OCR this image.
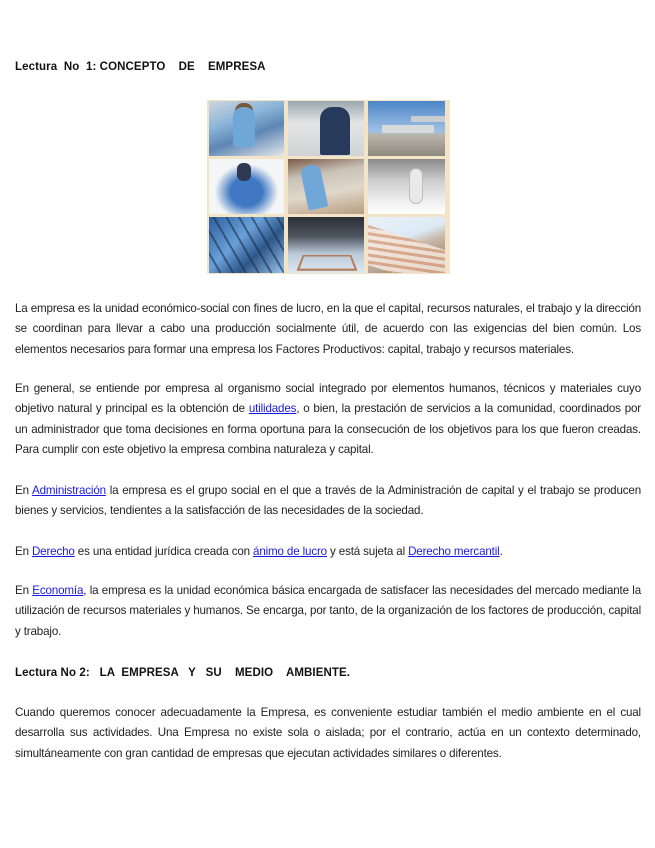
Lectura  No  1: CONCEPTO    DE    EMPRESA

La empresa es la unidad económico-social con fines de lucro, en la que el capital, recursos naturales, el trabajo y la dirección se coordinan para llevar a cabo una producción socialmente útil, de acuerdo con las exigencias del bien común. Los elementos necesarios para formar una empresa los Factores Productivos: capital, trabajo y recursos materiales.

En general, se entiende por empresa al organismo social integrado por elementos humanos, técnicos y materiales cuyo objetivo natural y principal es la obtención de utilidades, o bien, la prestación de servicios a la comunidad, coordinados por un administrador que toma decisiones en forma oportuna para la consecución de los objetivos para los que fueron creadas. Para cumplir con este objetivo la empresa combina naturaleza y capital.

En Administración la empresa es el grupo social en el que a través de la Administración de capital y el trabajo se producen bienes y servicios, tendientes a la satisfacción de las necesidades de la sociedad.

En Derecho es una entidad jurídica creada con ánimo de lucro y está sujeta al Derecho mercantil.

En Economía, la empresa es la unidad económica básica encargada de satisfacer las necesidades del mercado mediante la utilización de recursos materiales y humanos. Se encarga, por tanto, de la organización de los factores de producción, capital y trabajo.

Lectura No 2:   LA  EMPRESA   Y   SU    MEDIO    AMBIENTE.

Cuando queremos conocer adecuadamente la Empresa, es conveniente estudiar también el medio ambiente en el cual desarrolla sus actividades. Una Empresa no existe sola o aislada; por el contrario, actúa en un contexto determinado, simultáneamente con gran cantidad de empresas que ejecutan actividades similares o diferentes.
